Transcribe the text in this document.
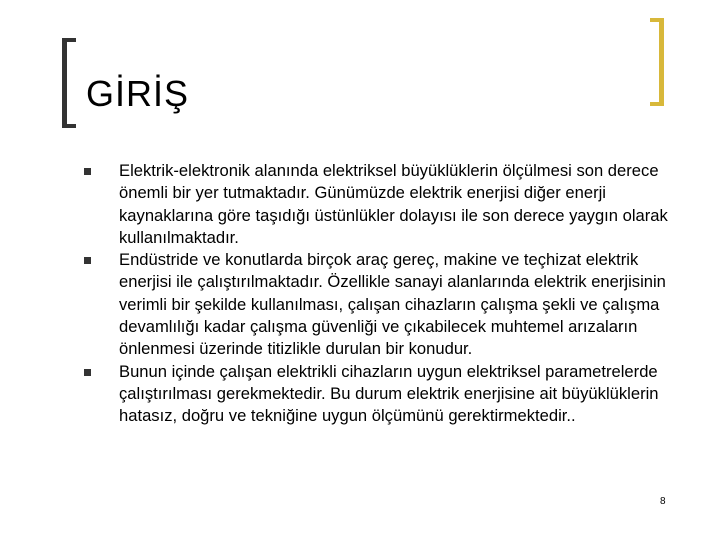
GİRİŞ
Elektrik-elektronik alanında elektriksel büyüklüklerin ölçülmesi son derece önemli bir yer tutmaktadır. Günümüzde elektrik enerjisi diğer enerji kaynaklarına göre taşıdığı üstünlükler dolayısı ile son derece yaygın olarak kullanılmaktadır.
Endüstride ve konutlarda birçok araç gereç, makine ve teçhizat elektrik enerjisi ile çalıştırılmaktadır. Özellikle sanayi alanlarında elektrik enerjisinin verimli bir şekilde kullanılması, çalışan cihazların çalışma şekli ve çalışma devamlılığı kadar çalışma güvenliği ve çıkabilecek muhtemel arızaların önlenmesi üzerinde titizlikle durulan bir konudur.
Bunun içinde çalışan elektrikli cihazların uygun elektriksel parametrelerde çalıştırılması gerekmektedir. Bu durum elektrik enerjisine ait büyüklüklerin hatasız, doğru ve tekniğine uygun ölçümünü gerektirmektedir..
8
